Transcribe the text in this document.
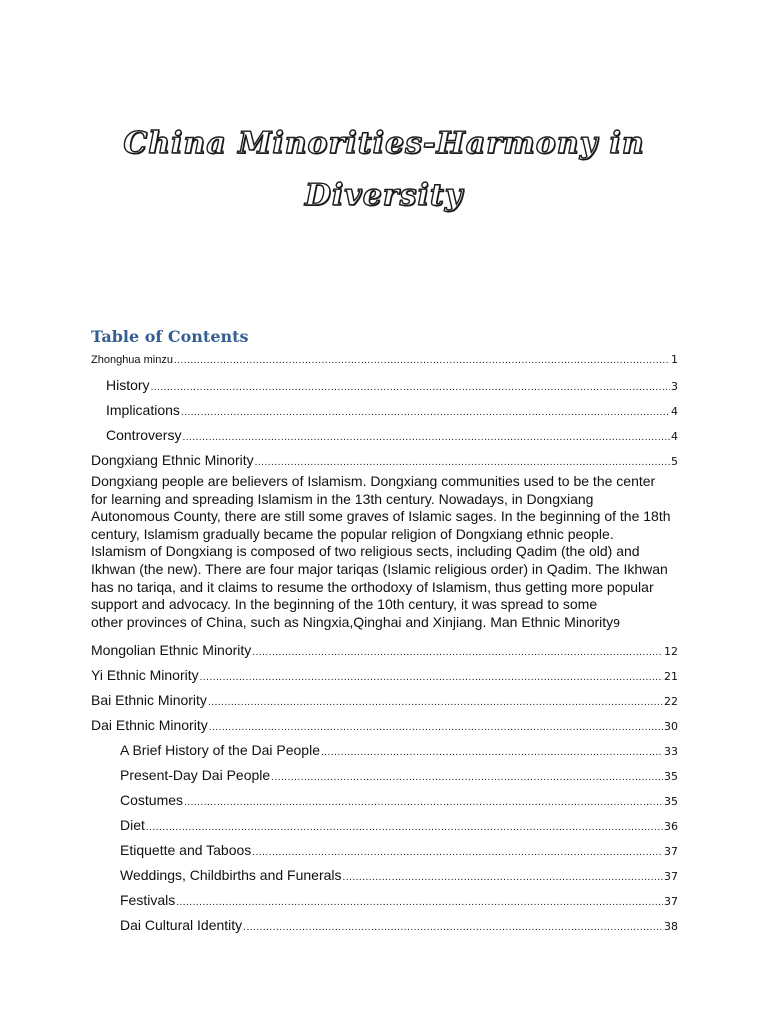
China Minorities-Harmony in
Diversity
Table of Contents
Zhonghua minzu .....	1
History .....	3
Implications .....	4
Controversy .....	4
Dongxiang Ethnic Minority .....	5
Dongxiang people are believers of Islamism. Dongxiang communities used to be the center for learning and spreading Islamism in the 13th century. Nowadays, in Dongxiang Autonomous County, there are still some graves of Islamic sages. In the beginning of the 18th century, Islamism gradually became the popular religion of Dongxiang ethnic people. Islamism of Dongxiang is composed of two religious sects, including Qadim (the old) and Ikhwan (the new). There are four major tariqas (Islamic religious order) in Qadim. The Ikhwan has no tariqa, and it claims to resume the orthodoxy of Islamism, thus getting more popular support and advocacy. In the beginning of the 10th century, it was spread to some
other provinces of China, such as Ningxia,Qinghai and Xinjiang. Man Ethnic Minority 9
Mongolian Ethnic Minority .....	12
Yi Ethnic Minority .....	21
Bai Ethnic Minority .....	22
Dai Ethnic Minority .....	30
A Brief History of the Dai People .....	33
Present-Day Dai People .....	35
Costumes .....	35
Diet .....	36
Etiquette and Taboos .....	37
Weddings, Childbirths and Funerals .....	37
Festivals .....	37
Dai Cultural Identity .....	38
